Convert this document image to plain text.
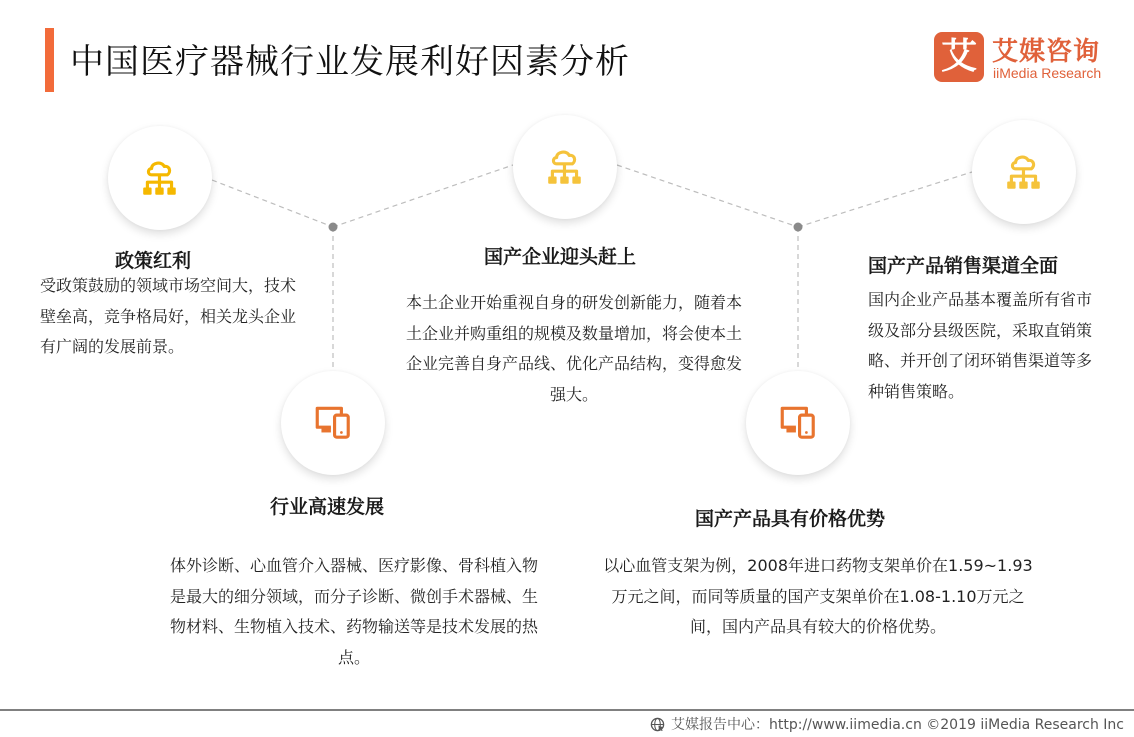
中国医疗器械行业发展利好因素分析	艾 艾媒咨询
iiMedia Research
政策红利
受政策鼓励的领域市场空间大，技术壁垒高，竞争格局好，相关龙头企业有广阔的发展前景。
国产企业迎头赶上
本土企业开始重视自身的研发创新能力，随着本土企业并购重组的规模及数量增加，将会使本土企业完善自身产品线、优化产品结构，变得愈发强大。
国产产品销售渠道全面
国内企业产品基本覆盖所有省市级及部分县级医院，采取直销策略、并开创了闭环销售渠道等多种销售策略。
行业高速发展
体外诊断、心血管介入器械、医疗影像、骨科植入物是最大的细分领域，而分子诊断、微创手术器械、生物材料、生物植入技术、药物输送等是技术发展的热点。
国产产品具有价格优势
以心血管支架为例，2008年进口药物支架单价在1.59~1.93万元之间，而同等质量的国产支架单价在1.08-1.10万元之间，国内产品具有较大的价格优势。
艾媒报告中心：http://www.iimedia.cn ©2019 iiMedia Research Inc
